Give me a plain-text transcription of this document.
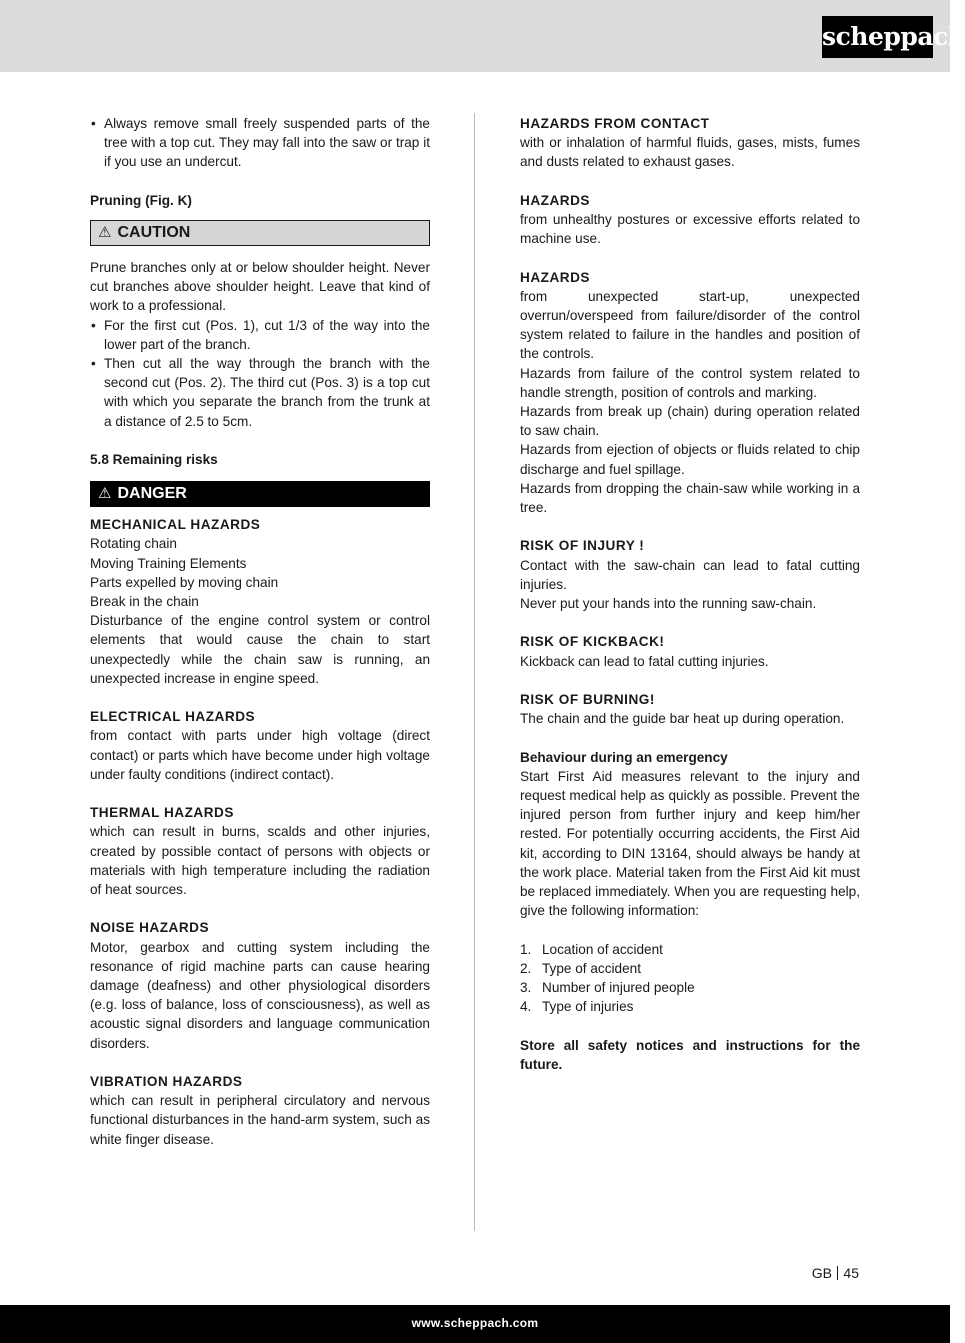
scheppach
• Always remove small freely suspended parts of the tree with a top cut. They may fall into the saw or trap it if you use an undercut.

Pruning (Fig. K)

⚠ CAUTION

Prune branches only at or below shoulder height. Never cut branches above shoulder height. Leave that kind of work to a professional.

• For the first cut (Pos. 1), cut 1/3 of the way into the lower part of the branch.
• Then cut all the way through the branch with the second cut (Pos. 2). The third cut (Pos. 3) is a top cut with which you separate the branch from the trunk at a distance of 2.5 to 5cm.

5.8 Remaining risks

⚠ DANGER

MECHANICAL HAZARDS

Rotating chain

Moving Training Elements

Parts expelled by moving chain

Break in the chain

Disturbance of the engine control system or control elements that would cause the chain to start unexpectedly while the chain saw is running, an unexpected increase in engine speed.

ELECTRICAL HAZARDS

from contact with parts under high voltage (direct contact) or parts which have become under high voltage under faulty conditions (indirect contact).

THERMAL HAZARDS

which can result in burns, scalds and other injuries, created by possible contact of persons with objects or materials with high temperature including the radiation of heat sources.

NOISE HAZARDS

Motor, gearbox and cutting system including the resonance of rigid machine parts can cause hearing damage (deafness) and other physiological disorders (e.g. loss of balance, loss of consciousness), as well as acoustic signal disorders and language communication disorders.

VIBRATION HAZARDS

which can result in peripheral circulatory and nervous functional disturbances in the hand-arm system, such as white finger disease.

HAZARDS FROM CONTACT

with or inhalation of harmful fluids, gases, mists, fumes and dusts related to exhaust gases.

HAZARDS

from unhealthy postures or excessive efforts related to machine use.

HAZARDS

from unexpected start-up, unexpected overrun/overspeed from failure/disorder of the control system related to failure in the handles and position of the controls.

Hazards from failure of the control system related to handle strength, position of controls and marking.

Hazards from break up (chain) during operation related to saw chain.

Hazards from ejection of objects or fluids related to chip discharge and fuel spillage.

Hazards from dropping the chain-saw while working in a tree.

RISK OF INJURY !

Contact with the saw-chain can lead to fatal cutting injuries.

Never put your hands into the running saw-chain.

RISK OF KICKBACK!

Kickback can lead to fatal cutting injuries.

RISK OF BURNING!

The chain and the guide bar heat up during operation.

Behaviour during an emergency

Start First Aid measures relevant to the injury and request medical help as quickly as possible. Prevent the injured person from further injury and keep him/her rested. For potentially occurring accidents, the First Aid kit, according to DIN 13164, should always be handy at the work place. Material taken from the First Aid kit must be replaced immediately. When you are requesting help, give the following information:

1. Location of accident
2. Type of accident
3. Number of injured people
4. Type of injuries

Store all safety notices and instructions for the future.

GB 45
www.scheppach.com
